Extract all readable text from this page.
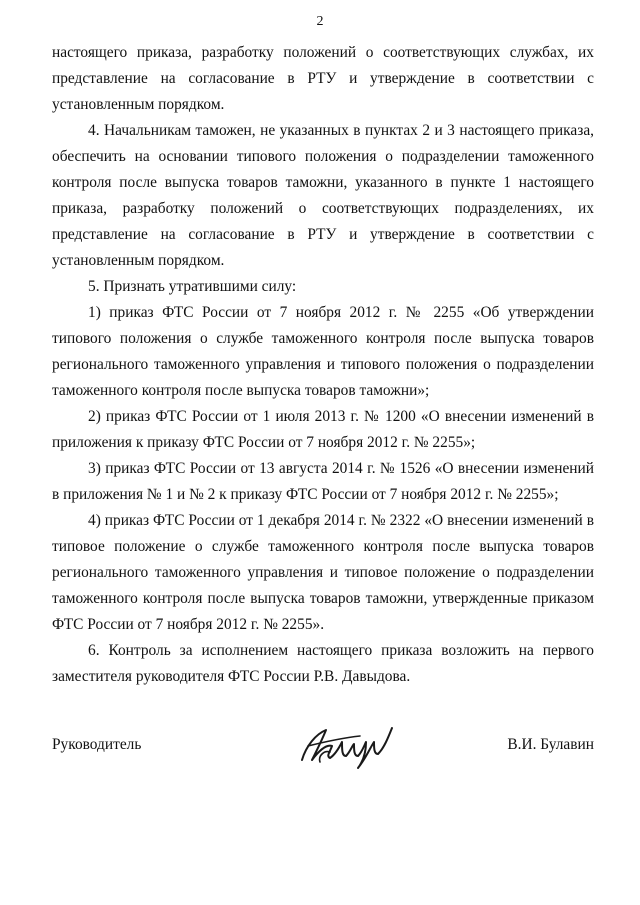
2

настоящего приказа, разработку положений о соответствующих службах, их представление на согласование в РТУ и утверждение в соответствии с установленным порядком.

4. Начальникам таможен, не указанных в пунктах 2 и 3 настоящего приказа, обеспечить на основании типового положения о подразделении таможенного контроля после выпуска товаров таможни, указанного в пункте 1 настоящего приказа, разработку положений о соответствующих подразделениях, их представление на согласование в РТУ и утверждение в соответствии с установленным порядком.

5. Признать утратившими силу:

1) приказ ФТС России от 7 ноября 2012 г. № 2255 «Об утверждении типового положения о службе таможенного контроля после выпуска товаров регионального таможенного управления и типового положения о подразделении таможенного контроля после выпуска товаров таможни»;

2) приказ ФТС России от 1 июля 2013 г. № 1200 «О внесении изменений в приложения к приказу ФТС России от 7 ноября 2012 г. № 2255»;

3) приказ ФТС России от 13 августа 2014 г. № 1526 «О внесении изменений в приложения № 1 и № 2 к приказу ФТС России от 7 ноября 2012 г. № 2255»;

4) приказ ФТС России от 1 декабря 2014 г. № 2322 «О внесении изменений в типовое положение о службе таможенного контроля после выпуска товаров регионального таможенного управления и типовое положение о подразделении таможенного контроля после выпуска товаров таможни, утвержденные приказом ФТС России от 7 ноября 2012 г. № 2255».

6. Контроль за исполнением настоящего приказа возложить на первого заместителя руководителя ФТС России Р.В. Давыдова.

Руководитель	В.И. Булавин
